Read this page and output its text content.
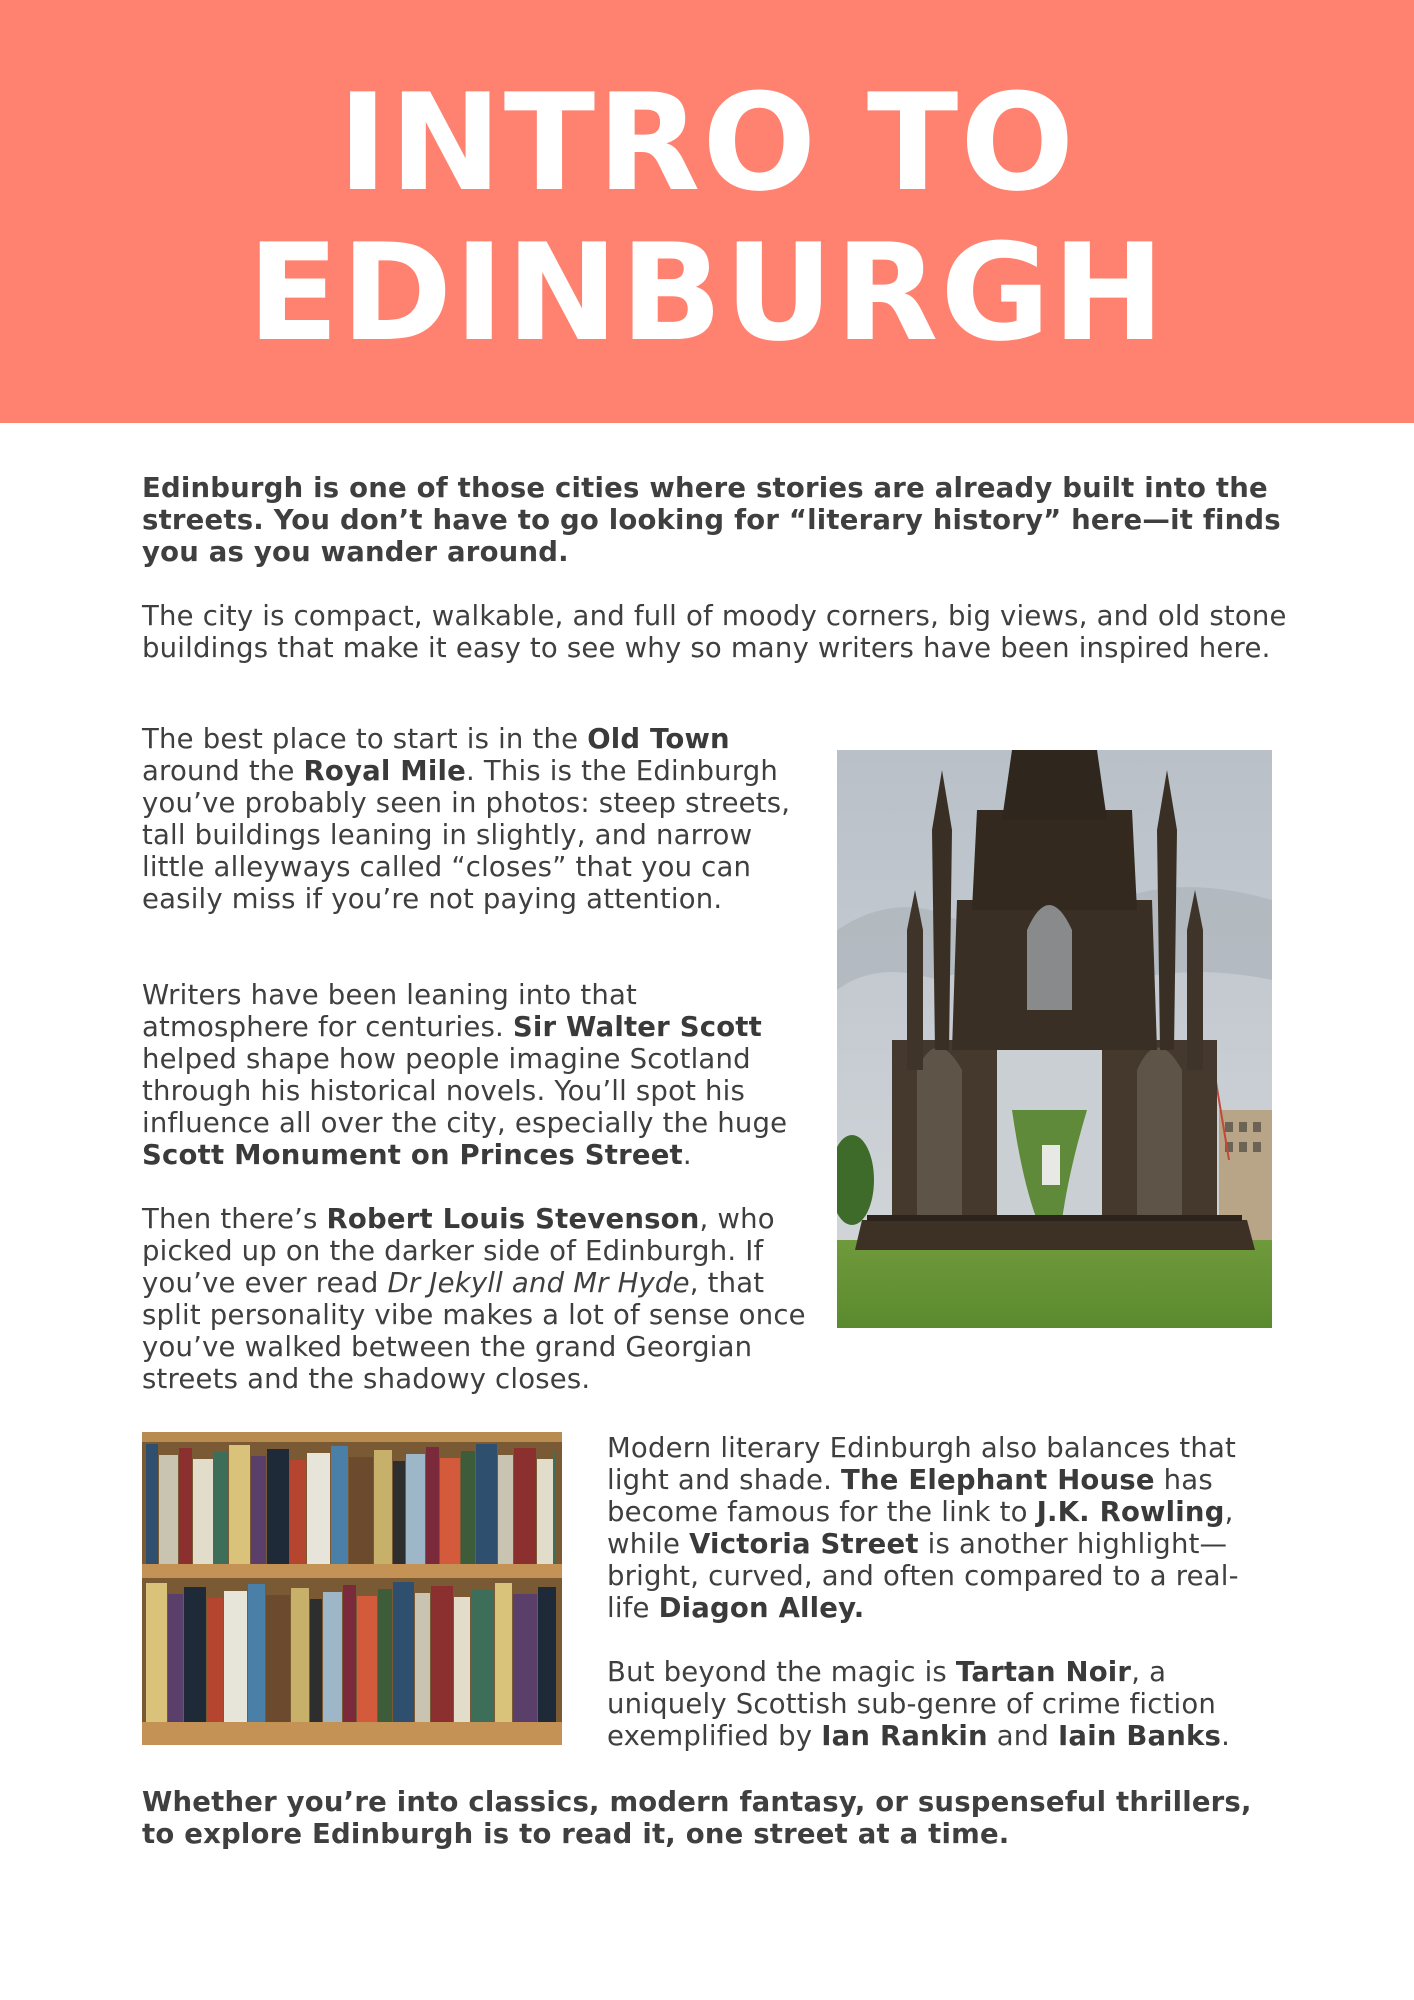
INTRO TO
EDINBURGH

Edinburgh is one of those cities where stories are already built into the streets. You don’t have to go looking for “literary history” here—it finds you as you wander around.

The city is compact, walkable, and full of moody corners, big views, and old stone buildings that make it easy to see why so many writers have been inspired here.

The best place to start is in the Old Town around the Royal Mile. This is the Edinburgh you’ve probably seen in photos: steep streets, tall buildings leaning in slightly, and narrow little alleyways called “closes” that you can easily miss if you’re not paying attention.

Writers have been leaning into that atmosphere for centuries. Sir Walter Scott helped shape how people imagine Scotland through his historical novels. You’ll spot his influence all over the city, especially the huge Scott Monument on Princes Street.

Then there’s Robert Louis Stevenson, who picked up on the darker side of Edinburgh. If you’ve ever read Dr Jekyll and Mr Hyde, that split personality vibe makes a lot of sense once you’ve walked between the grand Georgian streets and the shadowy closes.

Modern literary Edinburgh also balances that light and shade. The Elephant House has become famous for the link to J.K. Rowling, while Victoria Street is another highlight—bright, curved, and often compared to a real-life Diagon Alley.

But beyond the magic is Tartan Noir, a uniquely Scottish sub-genre of crime fiction exemplified by Ian Rankin and Iain Banks.

Whether you’re into classics, modern fantasy, or suspenseful thrillers, to explore Edinburgh is to read it, one street at a time.
